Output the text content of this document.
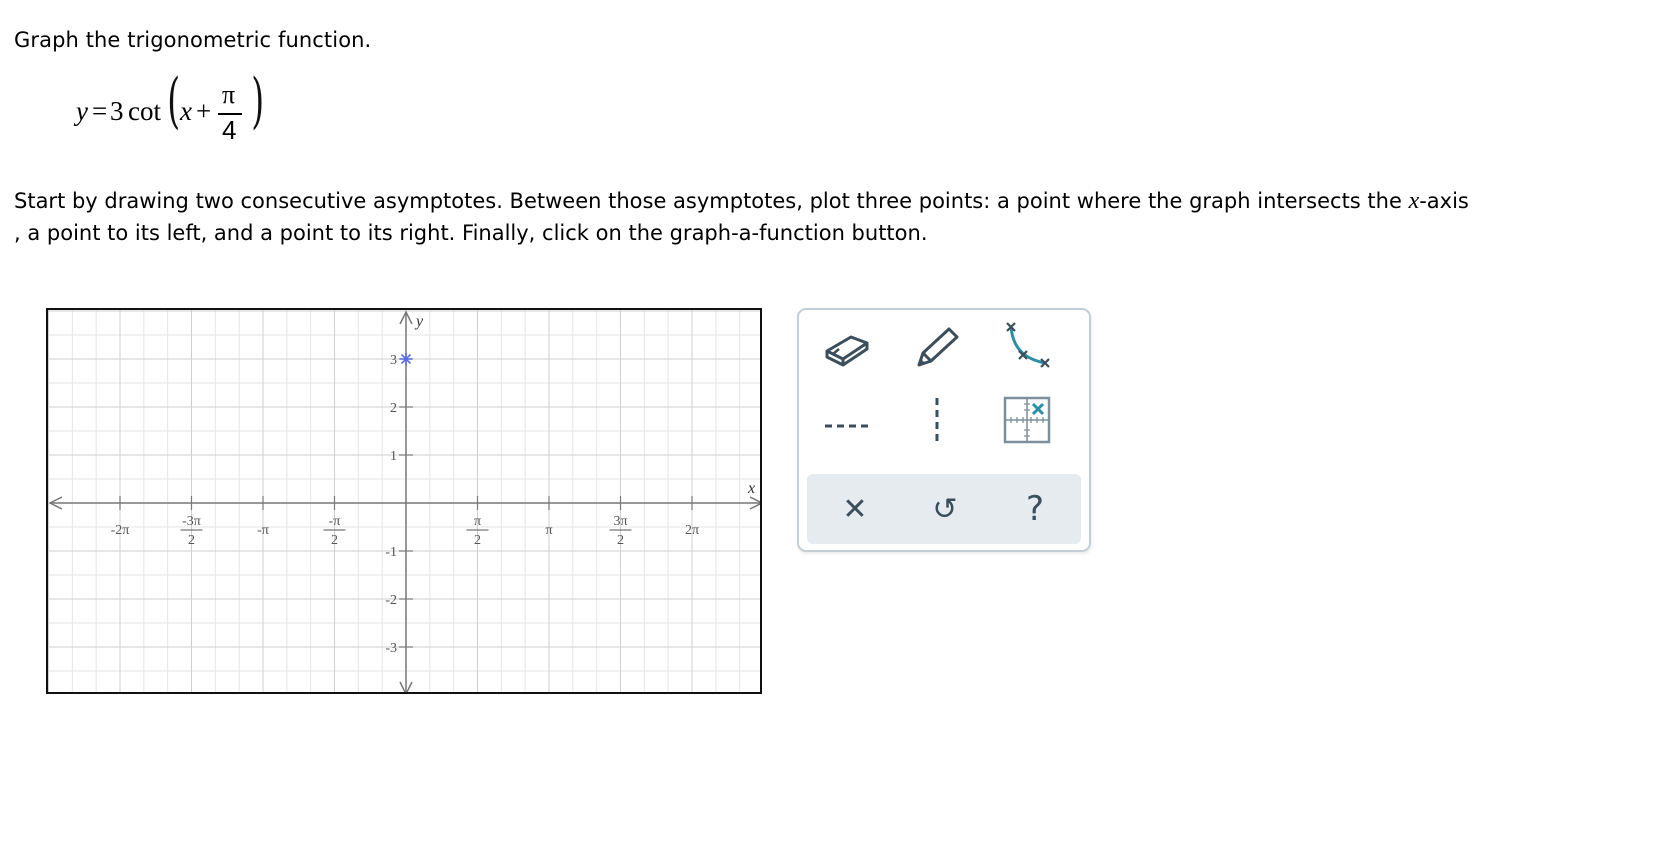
Graph the trigonometric function.
y = 3 cot ( x +
π
4 )
Start by drawing two consecutive asymptotes. Between those asymptotes, plot three points: a point where the graph intersects the x-axis
, a point to its left, and a point to its right. Finally, click on the graph-a-function button.
-2π
-3π
2
-π
-π
2
π
2
π
3π
2
2π
3
2
1
-1
-2
-3
x
y
✕	↺	?
